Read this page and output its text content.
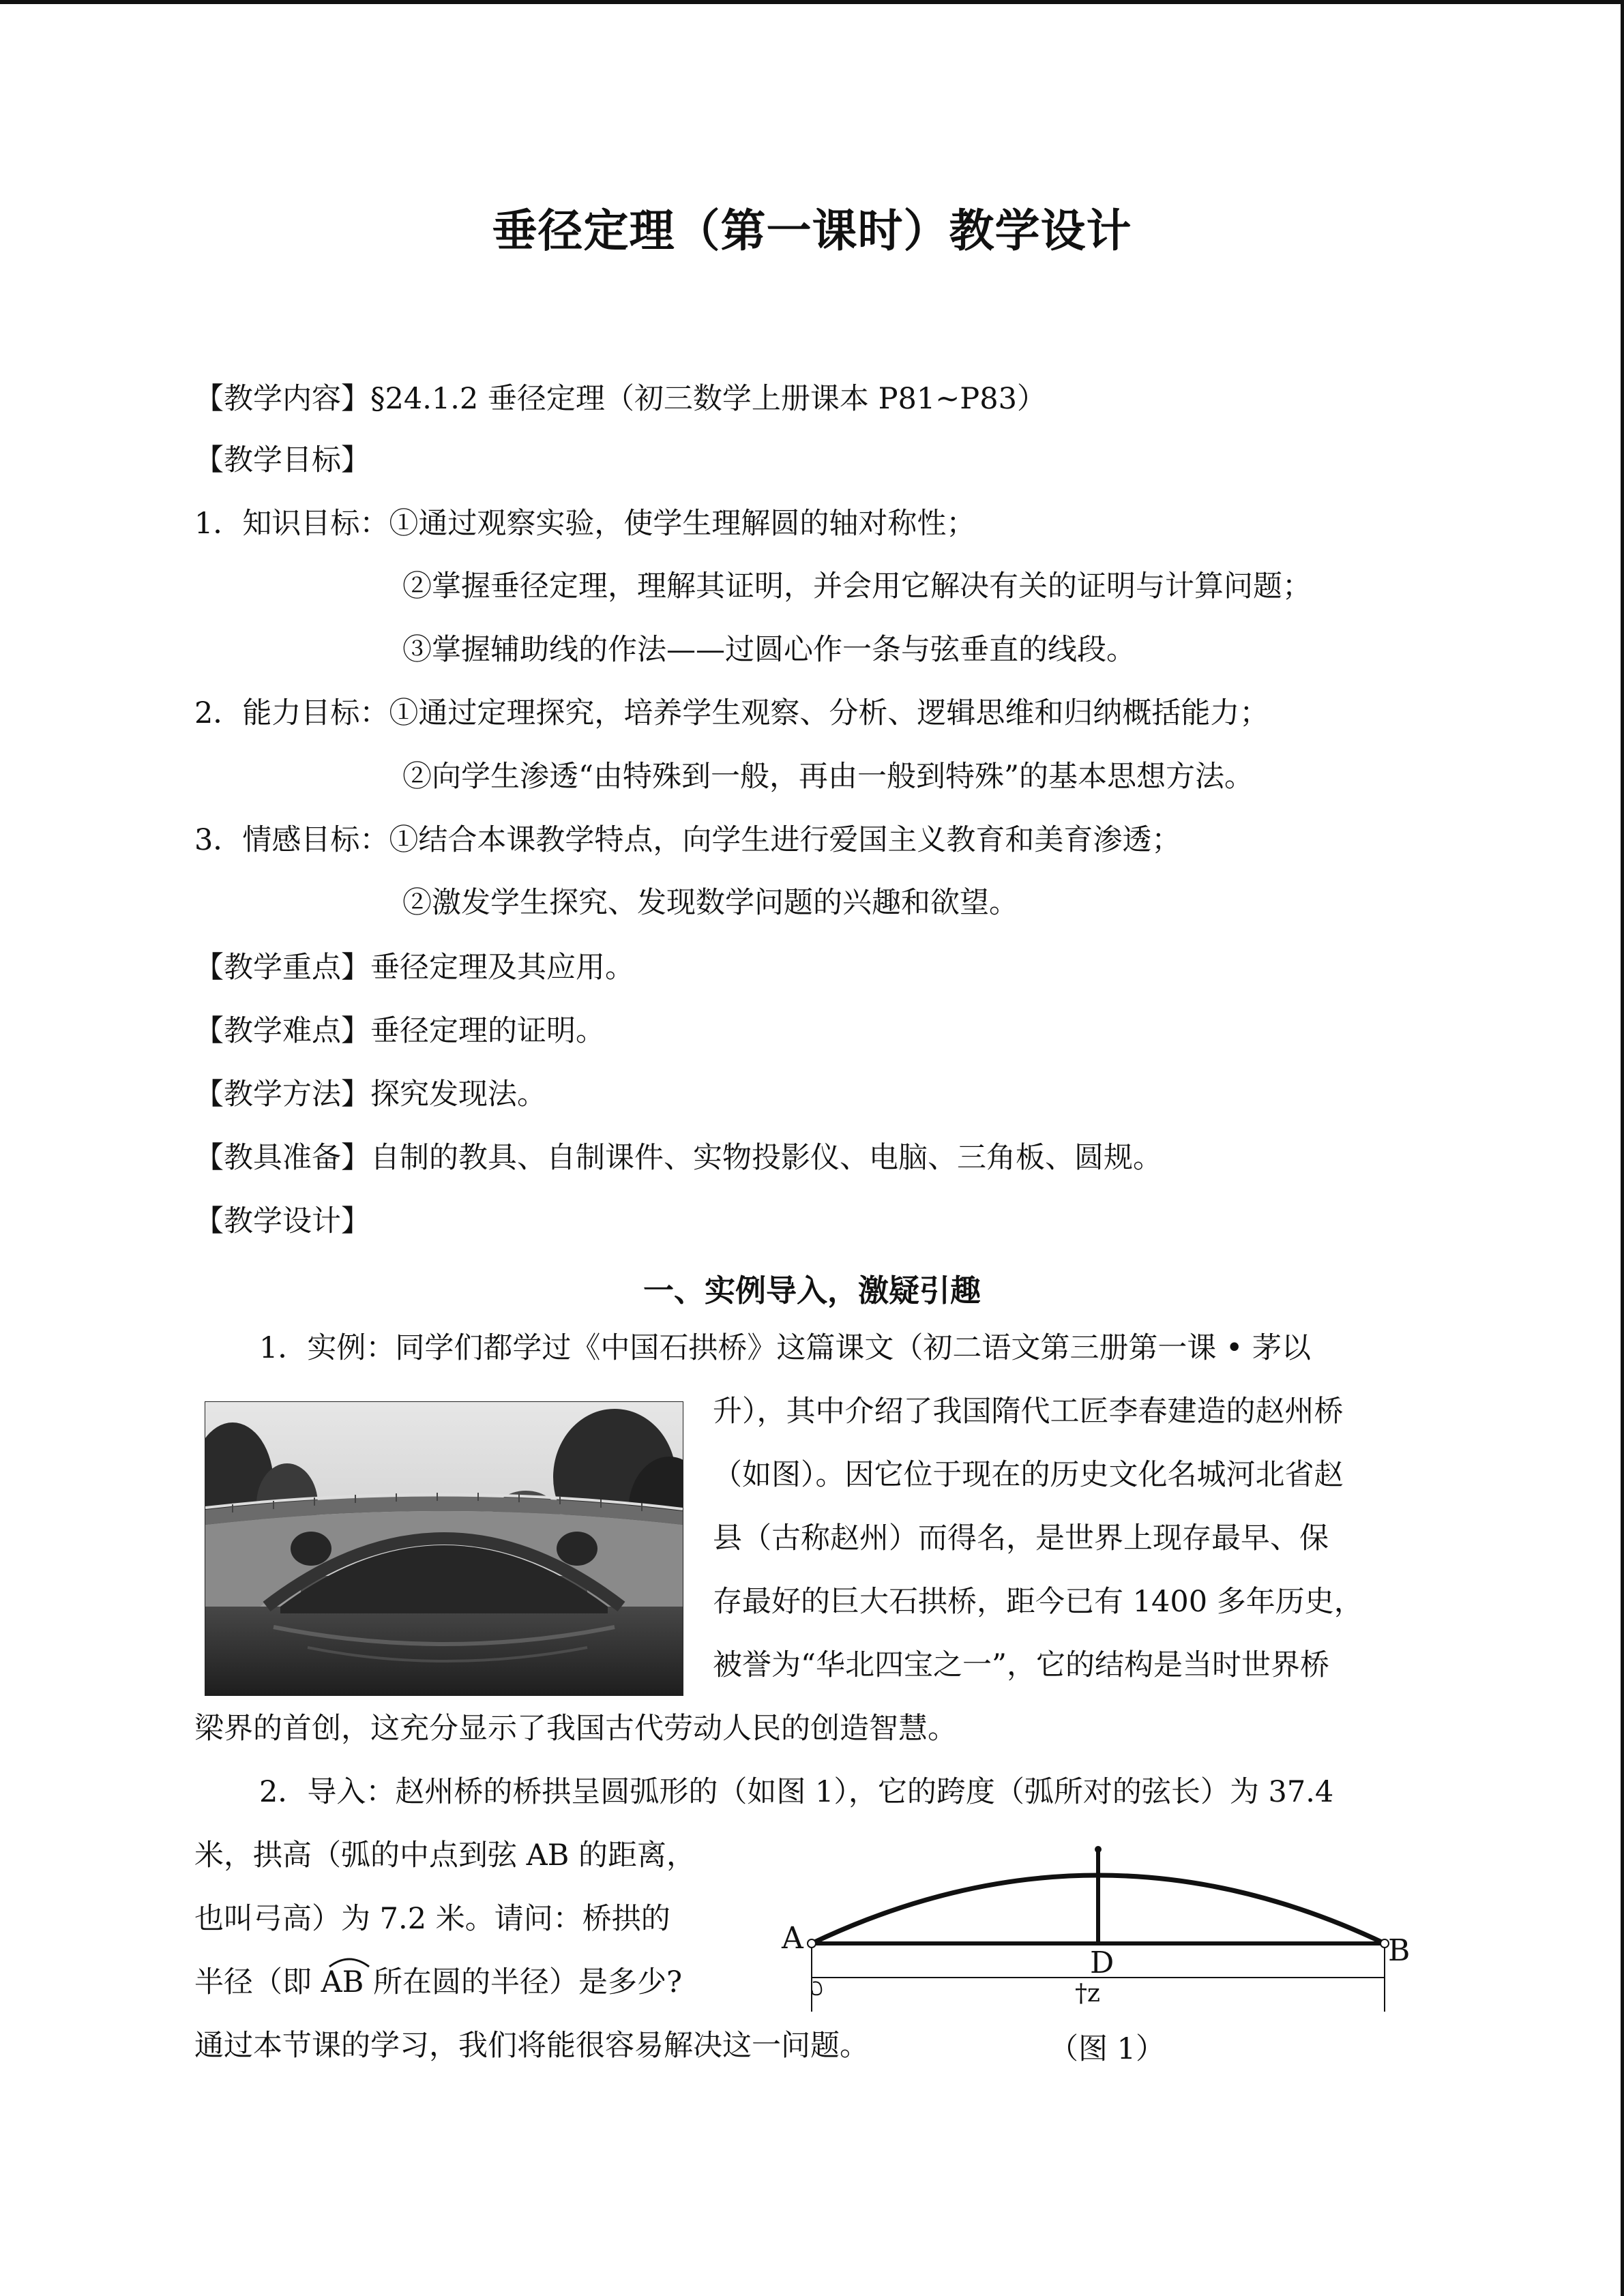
垂径定理（第一课时）教学设计
【教学内容】§24.1.2 垂径定理（初三数学上册课本 P81~P83）
【教学目标】
1．知识目标：①通过观察实验，使学生理解圆的轴对称性；
②掌握垂径定理，理解其证明，并会用它解决有关的证明与计算问题；
③掌握辅助线的作法——过圆心作一条与弦垂直的线段。
2．能力目标：①通过定理探究，培养学生观察、分析、逻辑思维和归纳概括能力；
②向学生渗透“由特殊到一般，再由一般到特殊”的基本思想方法。
3．情感目标：①结合本课教学特点，向学生进行爱国主义教育和美育渗透；
②激发学生探究、发现数学问题的兴趣和欲望。
【教学重点】垂径定理及其应用。
【教学难点】垂径定理的证明。
【教学方法】探究发现法。
【教具准备】自制的教具、自制课件、实物投影仪、电脑、三角板、圆规。
【教学设计】
一、实例导入，激疑引趣
1．实例：同学们都学过《中国石拱桥》这篇课文（初二语文第三册第一课 • 茅以
升），其中介绍了我国隋代工匠李春建造的赵州桥
（如图）。因它位于现在的历史文化名城河北省赵
县（古称赵州）而得名，是世界上现存最早、保
存最好的巨大石拱桥，距今已有 1400 多年历史，
被誉为“华北四宝之一”，它的结构是当时世界桥
梁界的首创，这充分显示了我国古代劳动人民的创造智慧。
2．导入：赵州桥的桥拱呈圆弧形的（如图 1），它的跨度（弧所对的弦长）为 37.4
米，拱高（弧的中点到弦 AB 的距离，
也叫弓高）为 7.2 米。请问：桥拱的
半径（即
AB 所在圆的半径）是多少?
通过本节课的学习，我们将能很容易解决这一问题。
A	B
D
†z
（图 1）
